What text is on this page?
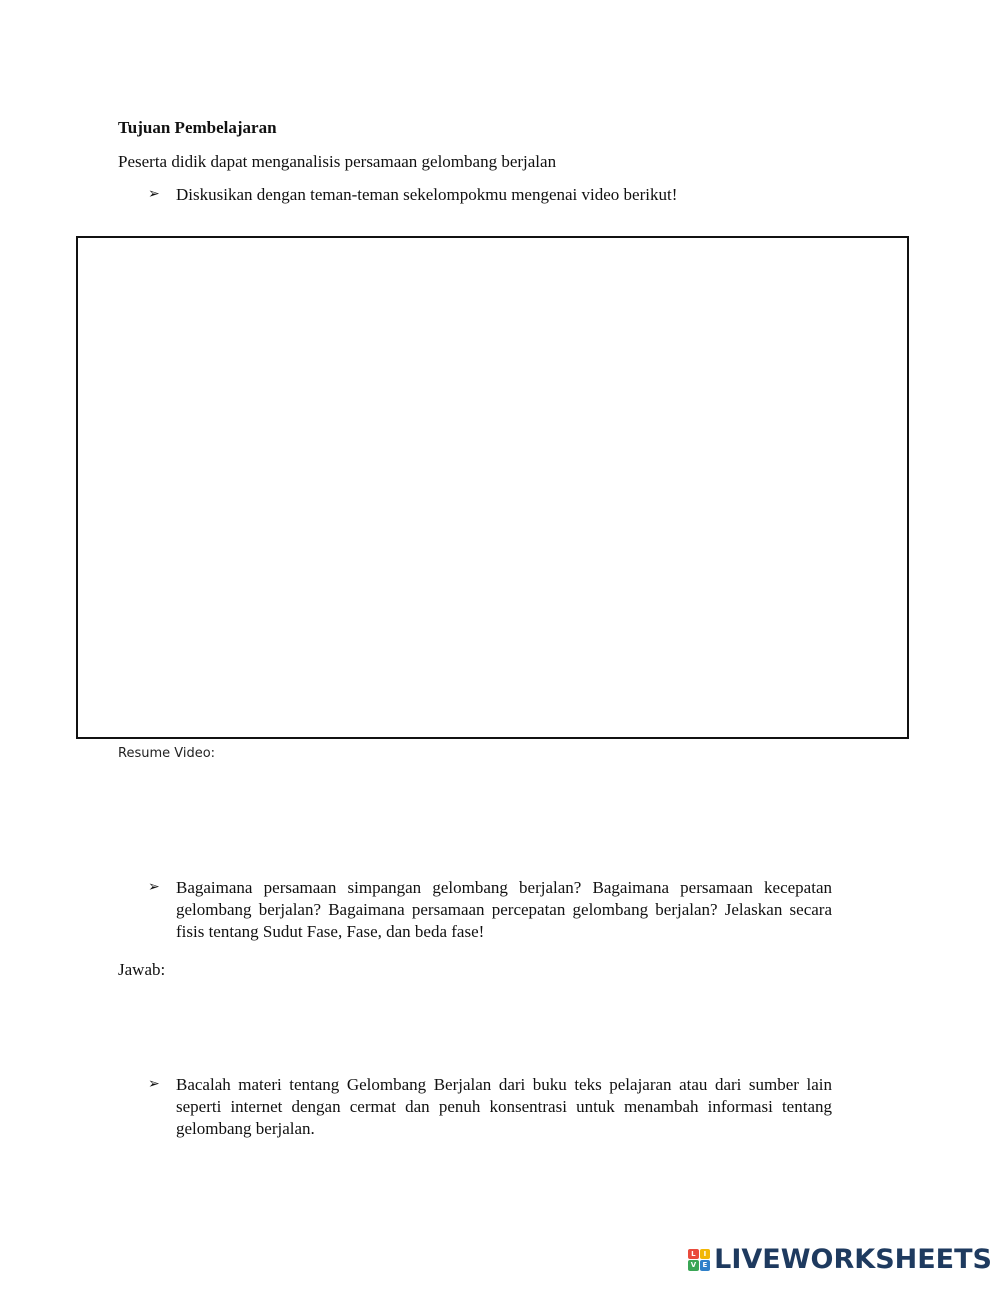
Tujuan Pembelajaran
Peserta didik dapat menganalisis persamaan gelombang berjalan
➢ Diskusikan dengan teman-teman sekelompokmu mengenai video berikut!
Resume Video:
➢ Bagaimana persamaan simpangan gelombang berjalan? Bagaimana persamaan kecepatan gelombang berjalan? Bagaimana persamaan percepatan gelombang berjalan? Jelaskan secara fisis tentang Sudut Fase, Fase, dan beda fase!
Jawab:
➢ Bacalah materi tentang Gelombang Berjalan dari buku teks pelajaran atau dari sumber lain seperti internet dengan cermat dan penuh konsentrasi untuk menambah informasi tentang gelombang berjalan.
L	I
V E LIVEWORKSHEETS
